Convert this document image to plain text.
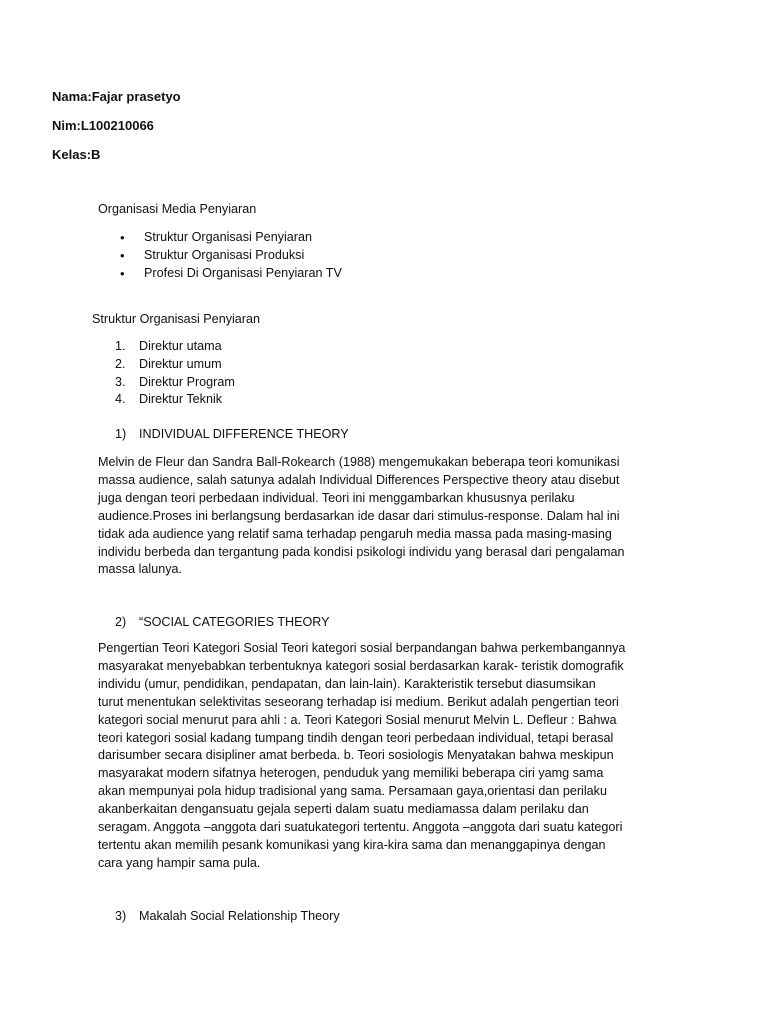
Nama:Fajar prasetyo
Nim:L100210066
Kelas:B
Organisasi Media Penyiaran
• Struktur Organisasi Penyiaran
• Struktur Organisasi Produksi
• Profesi Di Organisasi Penyiaran TV
Struktur Organisasi Penyiaran
1. Direktur utama
2. Direktur umum
3. Direktur Program
4. Direktur Teknik
1) INDIVIDUAL DIFFERENCE THEORY
Melvin de Fleur dan Sandra Ball-Rokearch (1988) mengemukakan beberapa teori komunikasi
massa audience, salah satunya adalah Individual Differences Perspective theory atau disebut
juga dengan teori perbedaan individual. Teori ini menggambarkan khususnya perilaku
audience.Proses ini berlangsung berdasarkan ide dasar dari stimulus-response. Dalam hal ini
tidak ada audience yang relatif sama terhadap pengaruh media massa pada masing-masing
individu berbeda dan tergantung pada kondisi psikologi individu yang berasal dari pengalaman
massa lalunya.
2) “SOCIAL CATEGORIES THEORY
Pengertian Teori Kategori Sosial Teori kategori sosial berpandangan bahwa perkembangannya
masyarakat menyebabkan terbentuknya kategori sosial berdasarkan karak- teristik domografik
individu (umur, pendidikan, pendapatan, dan lain-lain). Karakteristik tersebut diasumsikan
turut menentukan selektivitas seseorang terhadap isi medium. Berikut adalah pengertian teori
kategori social menurut para ahli : a. Teori Kategori Sosial menurut Melvin L. Defleur : Bahwa
teori kategori sosial kadang tumpang tindih dengan teori perbedaan individual, tetapi berasal
darisumber secara disipliner amat berbeda. b. Teori sosiologis Menyatakan bahwa meskipun
masyarakat modern sifatnya heterogen, penduduk yang memiliki beberapa ciri yamg sama
akan mempunyai pola hidup tradisional yang sama. Persamaan gaya,orientasi dan perilaku
akanberkaitan dengansuatu gejala seperti dalam suatu mediamassa dalam perilaku dan
seragam. Anggota –anggota dari suatukategori tertentu. Anggota –anggota dari suatu kategori
tertentu akan memilih pesank komunikasi yang kira-kira sama dan menanggapinya dengan
cara yang hampir sama pula.
3) Makalah Social Relationship Theory
